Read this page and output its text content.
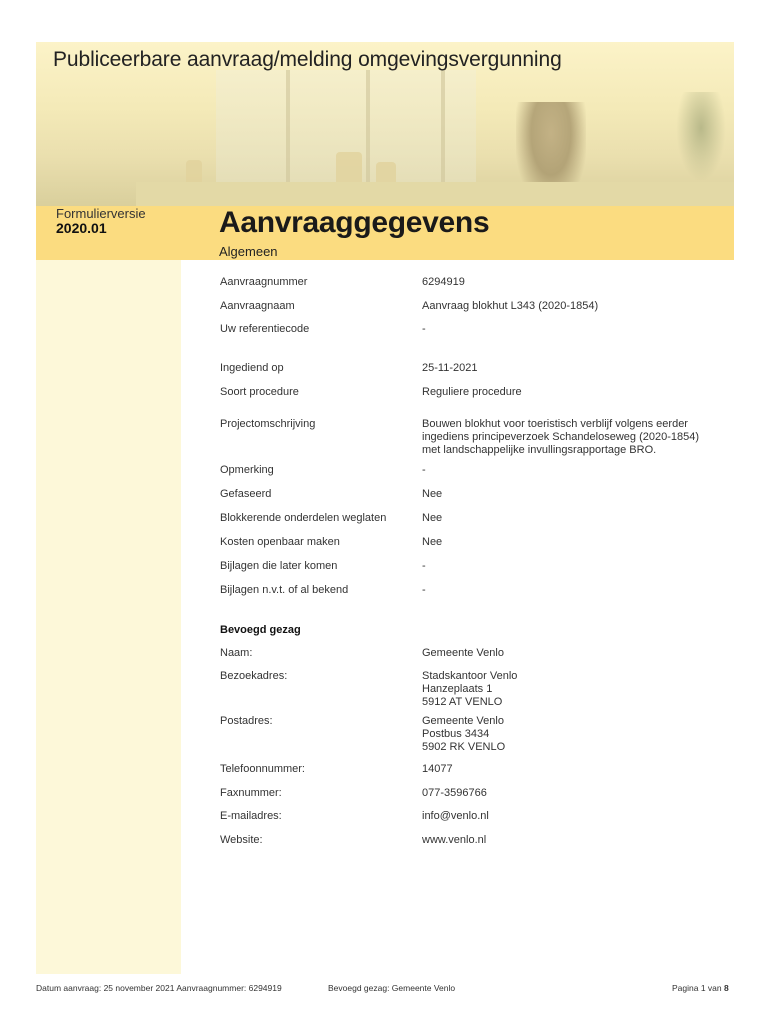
Publiceerbare aanvraag/melding omgevingsvergunning
Formulierversie
2020.01	Aanvraaggegevens
Algemeen
Aanvraagnummer	6294919
Aanvraagnaam	Aanvraag blokhut L343 (2020-1854)
Uw referentiecode	-
Ingediend op	25-11-2021
Soort procedure	Reguliere procedure
Projectomschrijving	Bouwen blokhut voor toeristisch verblijf volgens eerder
ingediens principeverzoek Schandeloseweg (2020-1854)
met landschappelijke invullingsrapportage BRO.
Opmerking	-
Gefaseerd	Nee
Blokkerende onderdelen weglaten	Nee
Kosten openbaar maken	Nee
Bijlagen die later komen	-
Bijlagen n.v.t. of al bekend	-
Bevoegd gezag
Naam:	Gemeente Venlo
Bezoekadres:	Stadskantoor Venlo
Hanzeplaats 1
5912 AT VENLO
Postadres:	Gemeente Venlo
Postbus 3434
5902 RK VENLO
Telefoonnummer:	14077
Faxnummer:	077-3596766
E-mailadres:	info@venlo.nl
Website:	www.venlo.nl
Datum aanvraag: 25 november 2021 Aanvraagnummer: 6294919	Bevoegd gezag: Gemeente Venlo	Pagina 1 van 8
